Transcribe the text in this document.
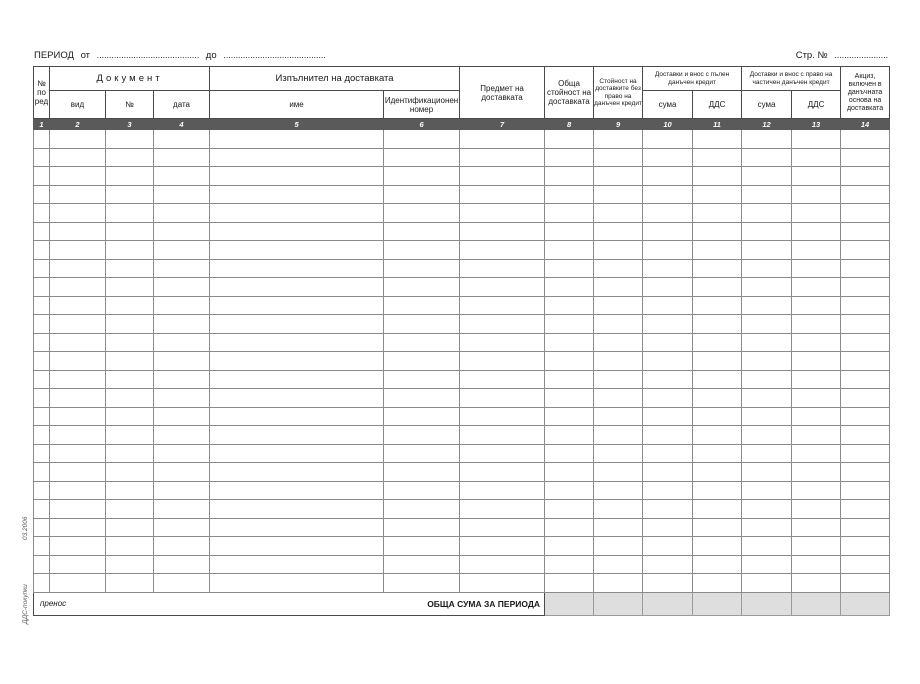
ПЕРИОД от .......................................... до ..........................................	Стр. № ......................
№ по ред	Документ			Изпълнител на доставката		Предмет на доставката	Обща стойност на доставката	Стойност на доставките без право на данъчен кредит	Доставки и внос с пълен данъчен кредит		Доставки и внос с право на частичен данъчен кредит		Акциз, включен в данъчната основа на доставката
	вид	№	дата	име	Идентификационен номер				сума	ДДС	сума	ДДС	
1	2	3	4	5	6	7	8	9	10	11	12	13	14

пренос ОБЩА СУМА ЗА ПЕРИОДА													

03.2006
ДДС-покупки
